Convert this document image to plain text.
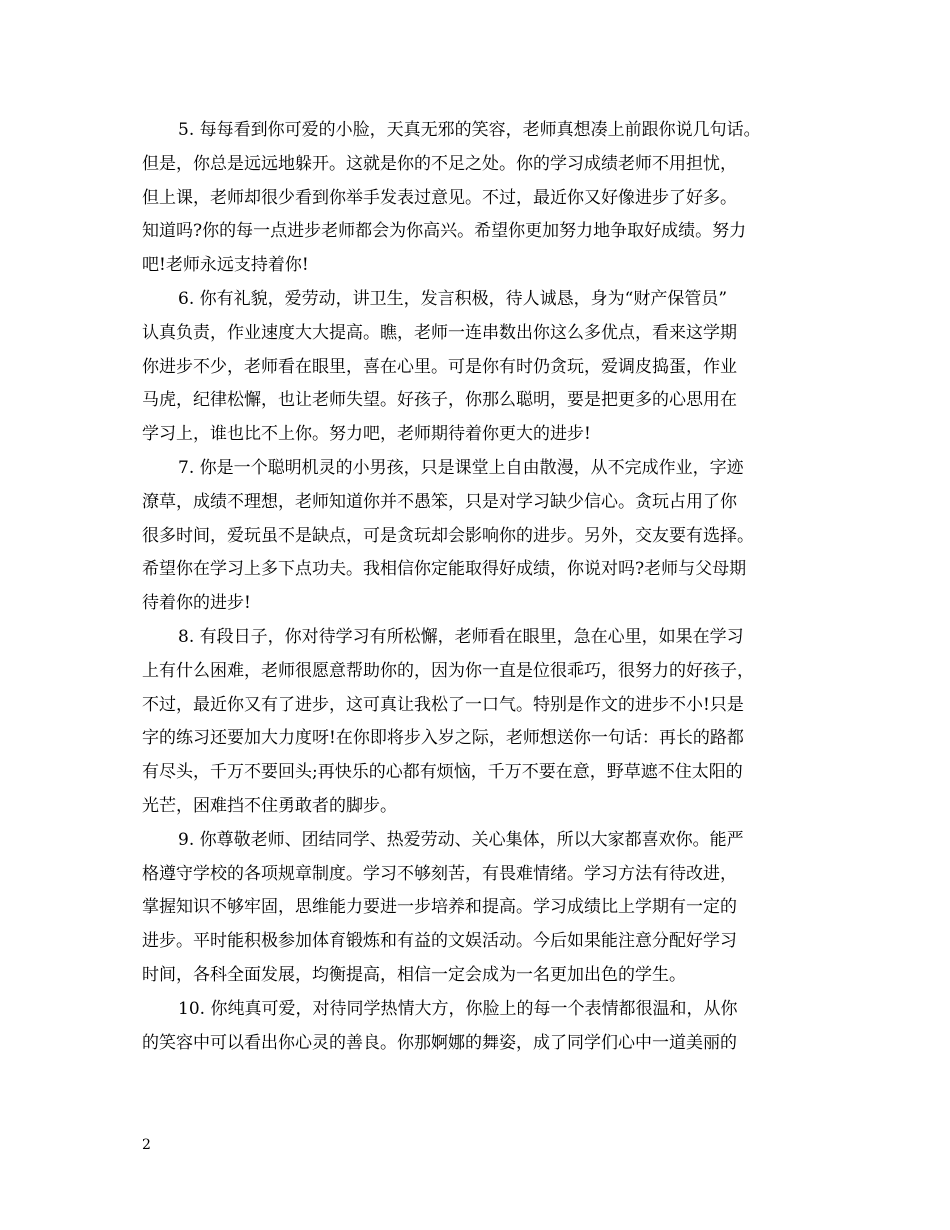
5. 每每看到你可爱的小脸，天真无邪的笑容，老师真想凑上前跟你说几句话。
但是，你总是远远地躲开。这就是你的不足之处。你的学习成绩老师不用担忧，
但上课，老师却很少看到你举手发表过意见。不过，最近你又好像进步了好多。
知道吗?你的每一点进步老师都会为你高兴。希望你更加努力地争取好成绩。努力
吧!老师永远支持着你!
6. 你有礼貌，爱劳动，讲卫生，发言积极，待人诚恳，身为“财产保管员”
认真负责，作业速度大大提高。瞧，老师一连串数出你这么多优点，看来这学期
你进步不少，老师看在眼里，喜在心里。可是你有时仍贪玩，爱调皮捣蛋，作业
马虎，纪律松懈，也让老师失望。好孩子，你那么聪明，要是把更多的心思用在
学习上，谁也比不上你。努力吧，老师期待着你更大的进步!
7. 你是一个聪明机灵的小男孩，只是课堂上自由散漫，从不完成作业，字迹
潦草，成绩不理想，老师知道你并不愚笨，只是对学习缺少信心。贪玩占用了你
很多时间，爱玩虽不是缺点，可是贪玩却会影响你的进步。另外，交友要有选择。
希望你在学习上多下点功夫。我相信你定能取得好成绩，你说对吗?老师与父母期
待着你的进步!
8. 有段日子，你对待学习有所松懈，老师看在眼里，急在心里，如果在学习
上有什么困难，老师很愿意帮助你的，因为你一直是位很乖巧，很努力的好孩子，
不过，最近你又有了进步，这可真让我松了一口气。特别是作文的进步不小!只是
字的练习还要加大力度呀!在你即将步入岁之际，老师想送你一句话：再长的路都
有尽头，千万不要回头;再快乐的心都有烦恼，千万不要在意，野草遮不住太阳的
光芒，困难挡不住勇敢者的脚步。
9. 你尊敬老师、团结同学、热爱劳动、关心集体，所以大家都喜欢你。能严
格遵守学校的各项规章制度。学习不够刻苦，有畏难情绪。学习方法有待改进，
掌握知识不够牢固，思维能力要进一步培养和提高。学习成绩比上学期有一定的
进步。平时能积极参加体育锻炼和有益的文娱活动。今后如果能注意分配好学习
时间，各科全面发展，均衡提高，相信一定会成为一名更加出色的学生。
10. 你纯真可爱，对待同学热情大方，你脸上的每一个表情都很温和，从你
的笑容中可以看出你心灵的善良。你那婀娜的舞姿，成了同学们心中一道美丽的
2
